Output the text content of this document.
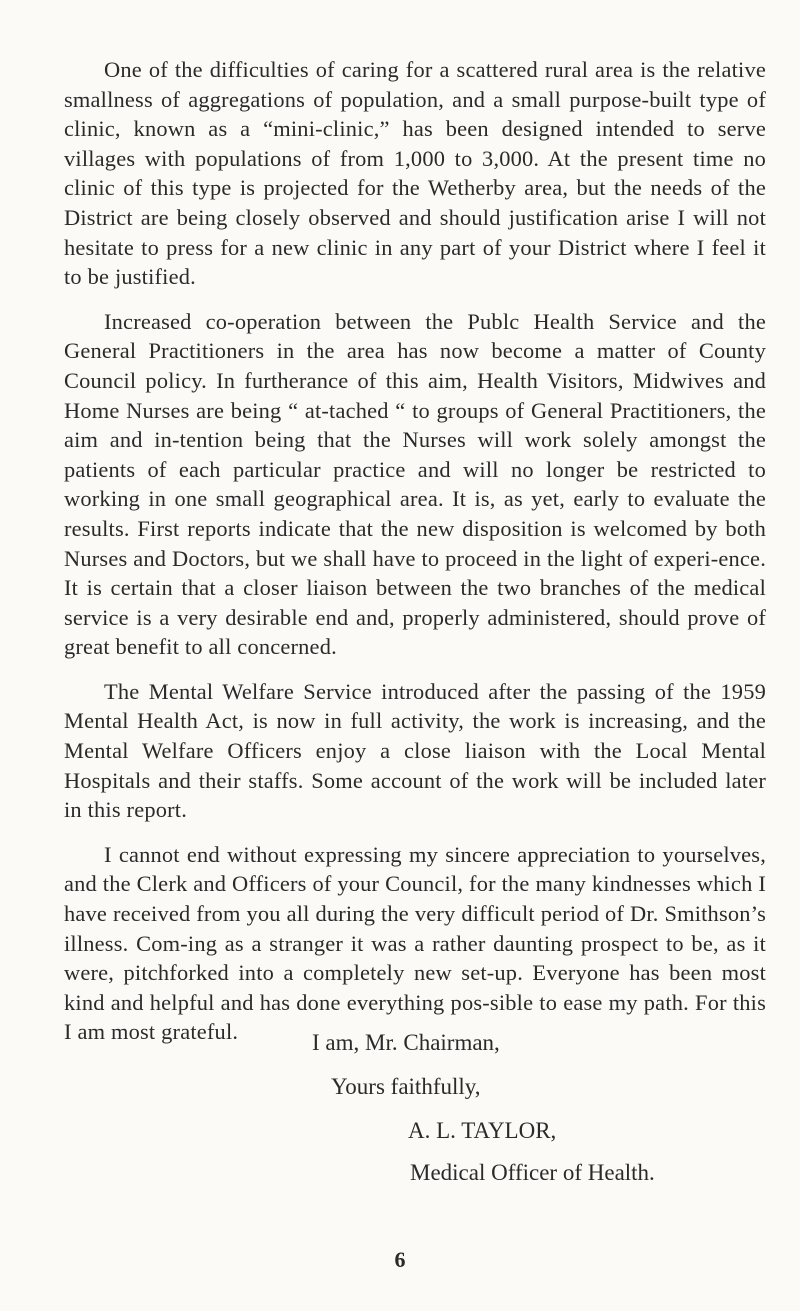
One of the difficulties of caring for a scattered rural area is the relative smallness of aggregations of population, and a small purpose-built type of clinic, known as a “mini-clinic,” has been designed intended to serve villages with populations of from 1,000 to 3,000. At the present time no clinic of this type is projected for the Wetherby area, but the needs of the District are being closely observed and should justification arise I will not hesitate to press for a new clinic in any part of your District where I feel it to be justified.

Increased co-operation between the Publc Health Service and the General Practitioners in the area has now become a matter of County Council policy. In furtherance of this aim, Health Visitors, Midwives and Home Nurses are being “ at-tached “ to groups of General Practitioners, the aim and in-tention being that the Nurses will work solely amongst the patients of each particular practice and will no longer be restricted to working in one small geographical area. It is, as yet, early to evaluate the results. First reports indicate that the new disposition is welcomed by both Nurses and Doctors, but we shall have to proceed in the light of experi-ence. It is certain that a closer liaison between the two branches of the medical service is a very desirable end and, properly administered, should prove of great benefit to all concerned.

The Mental Welfare Service introduced after the passing of the 1959 Mental Health Act, is now in full activity, the work is increasing, and the Mental Welfare Officers enjoy a close liaison with the Local Mental Hospitals and their staffs. Some account of the work will be included later in this report.

I cannot end without expressing my sincere appreciation to yourselves, and the Clerk and Officers of your Council, for the many kindnesses which I have received from you all during the very difficult period of Dr. Smithson’s illness. Com-ing as a stranger it was a rather daunting prospect to be, as it were, pitchforked into a completely new set-up. Everyone has been most kind and helpful and has done everything pos-sible to ease my path. For this I am most grateful.	I am, Mr. Chairman,
Yours faithfully,
A. L. TAYLOR,
Medical Officer of Health.
6
